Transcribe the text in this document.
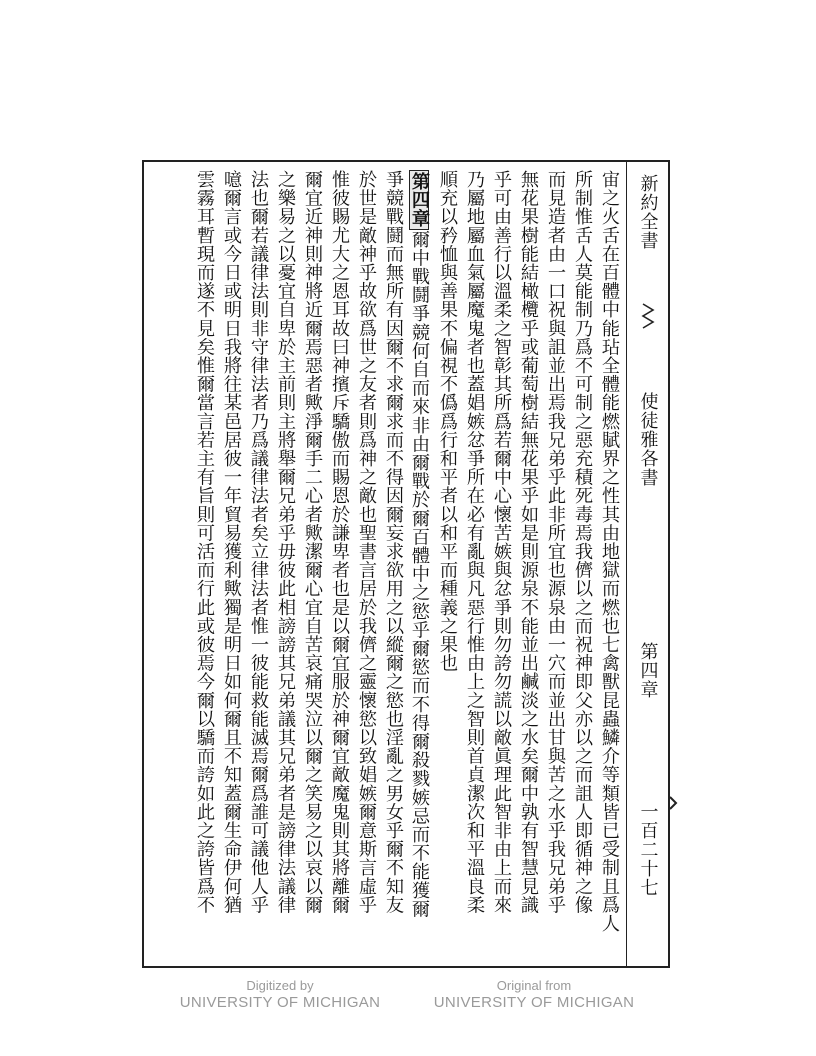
宙之火舌在百體中能玷全體能燃賦界之性其由地獄而燃也七禽獸昆蟲鱗介等類皆已受制且爲人
所制惟舌人莫能制乃爲不可制之惡充積死毒焉我儕以之而祝神即父亦以之而詛人即循神之像
而見造者由一口祝與詛並出焉我兄弟乎此非所宜也源泉由一穴而並出甘與苦之水乎我兄弟乎
無花果樹能結橄欖乎或葡萄樹結無花果乎如是則源泉不能並出鹹淡之水矣爾中孰有智慧見識
乎可由善行以溫柔之智彰其所爲若爾中心懷苦嫉與忿爭則勿誇勿謊以敵眞理此智非由上而來
乃屬地屬血氣屬魔鬼者也蓋娼嫉忿爭所在必有亂與凡惡行惟由上之智則首貞潔次和平溫良柔
順充以矜恤與善果不偏視不僞爲行和平者以和平而種義之果也
第四章爾中戰鬪爭競何自而來非由爾戰於爾百體中之慾乎爾慾而不得爾殺戮嫉忌而不能獲爾
爭競戰鬪而無所有因爾不求爾求而不得因爾妄求欲用之以縱爾之慾也淫亂之男女乎爾不知友
於世是敵神乎故欲爲世之友者則爲神之敵也聖書言居於我儕之靈懷慾以致娼嫉爾意斯言虛乎
惟彼賜尤大之恩耳故曰神擯斥驕傲而賜恩於謙卑者也是以爾宜服於神爾宜敵魔鬼則其將離爾
爾宜近神則神將近爾焉惡者歟淨爾手二心者歟潔爾心宜自苦哀痛哭泣以爾之笑易之以哀以爾
之樂易之以憂宜自卑於主前則主將舉爾兄弟乎毋彼此相謗謗其兄弟議其兄弟者是謗律法議律
法也爾若議律法則非守律法者乃爲議律法者矣立律法者惟一彼能救能滅焉爾爲誰可議他人乎
噫爾言或今日或明日我將往某邑居彼一年貿易獲利歟獨是明日如何爾且不知蓋爾生命伊何猶
雲霧耳暫現而遂不見矣惟爾當言若主有旨則可活而行此或彼焉今爾以驕而誇如此之誇皆爲不	新約全書
使徒雅各書
第四章
一百二十七
Digitized by
UNIVERSITY OF MICHIGAN
Original from
UNIVERSITY OF MICHIGAN
